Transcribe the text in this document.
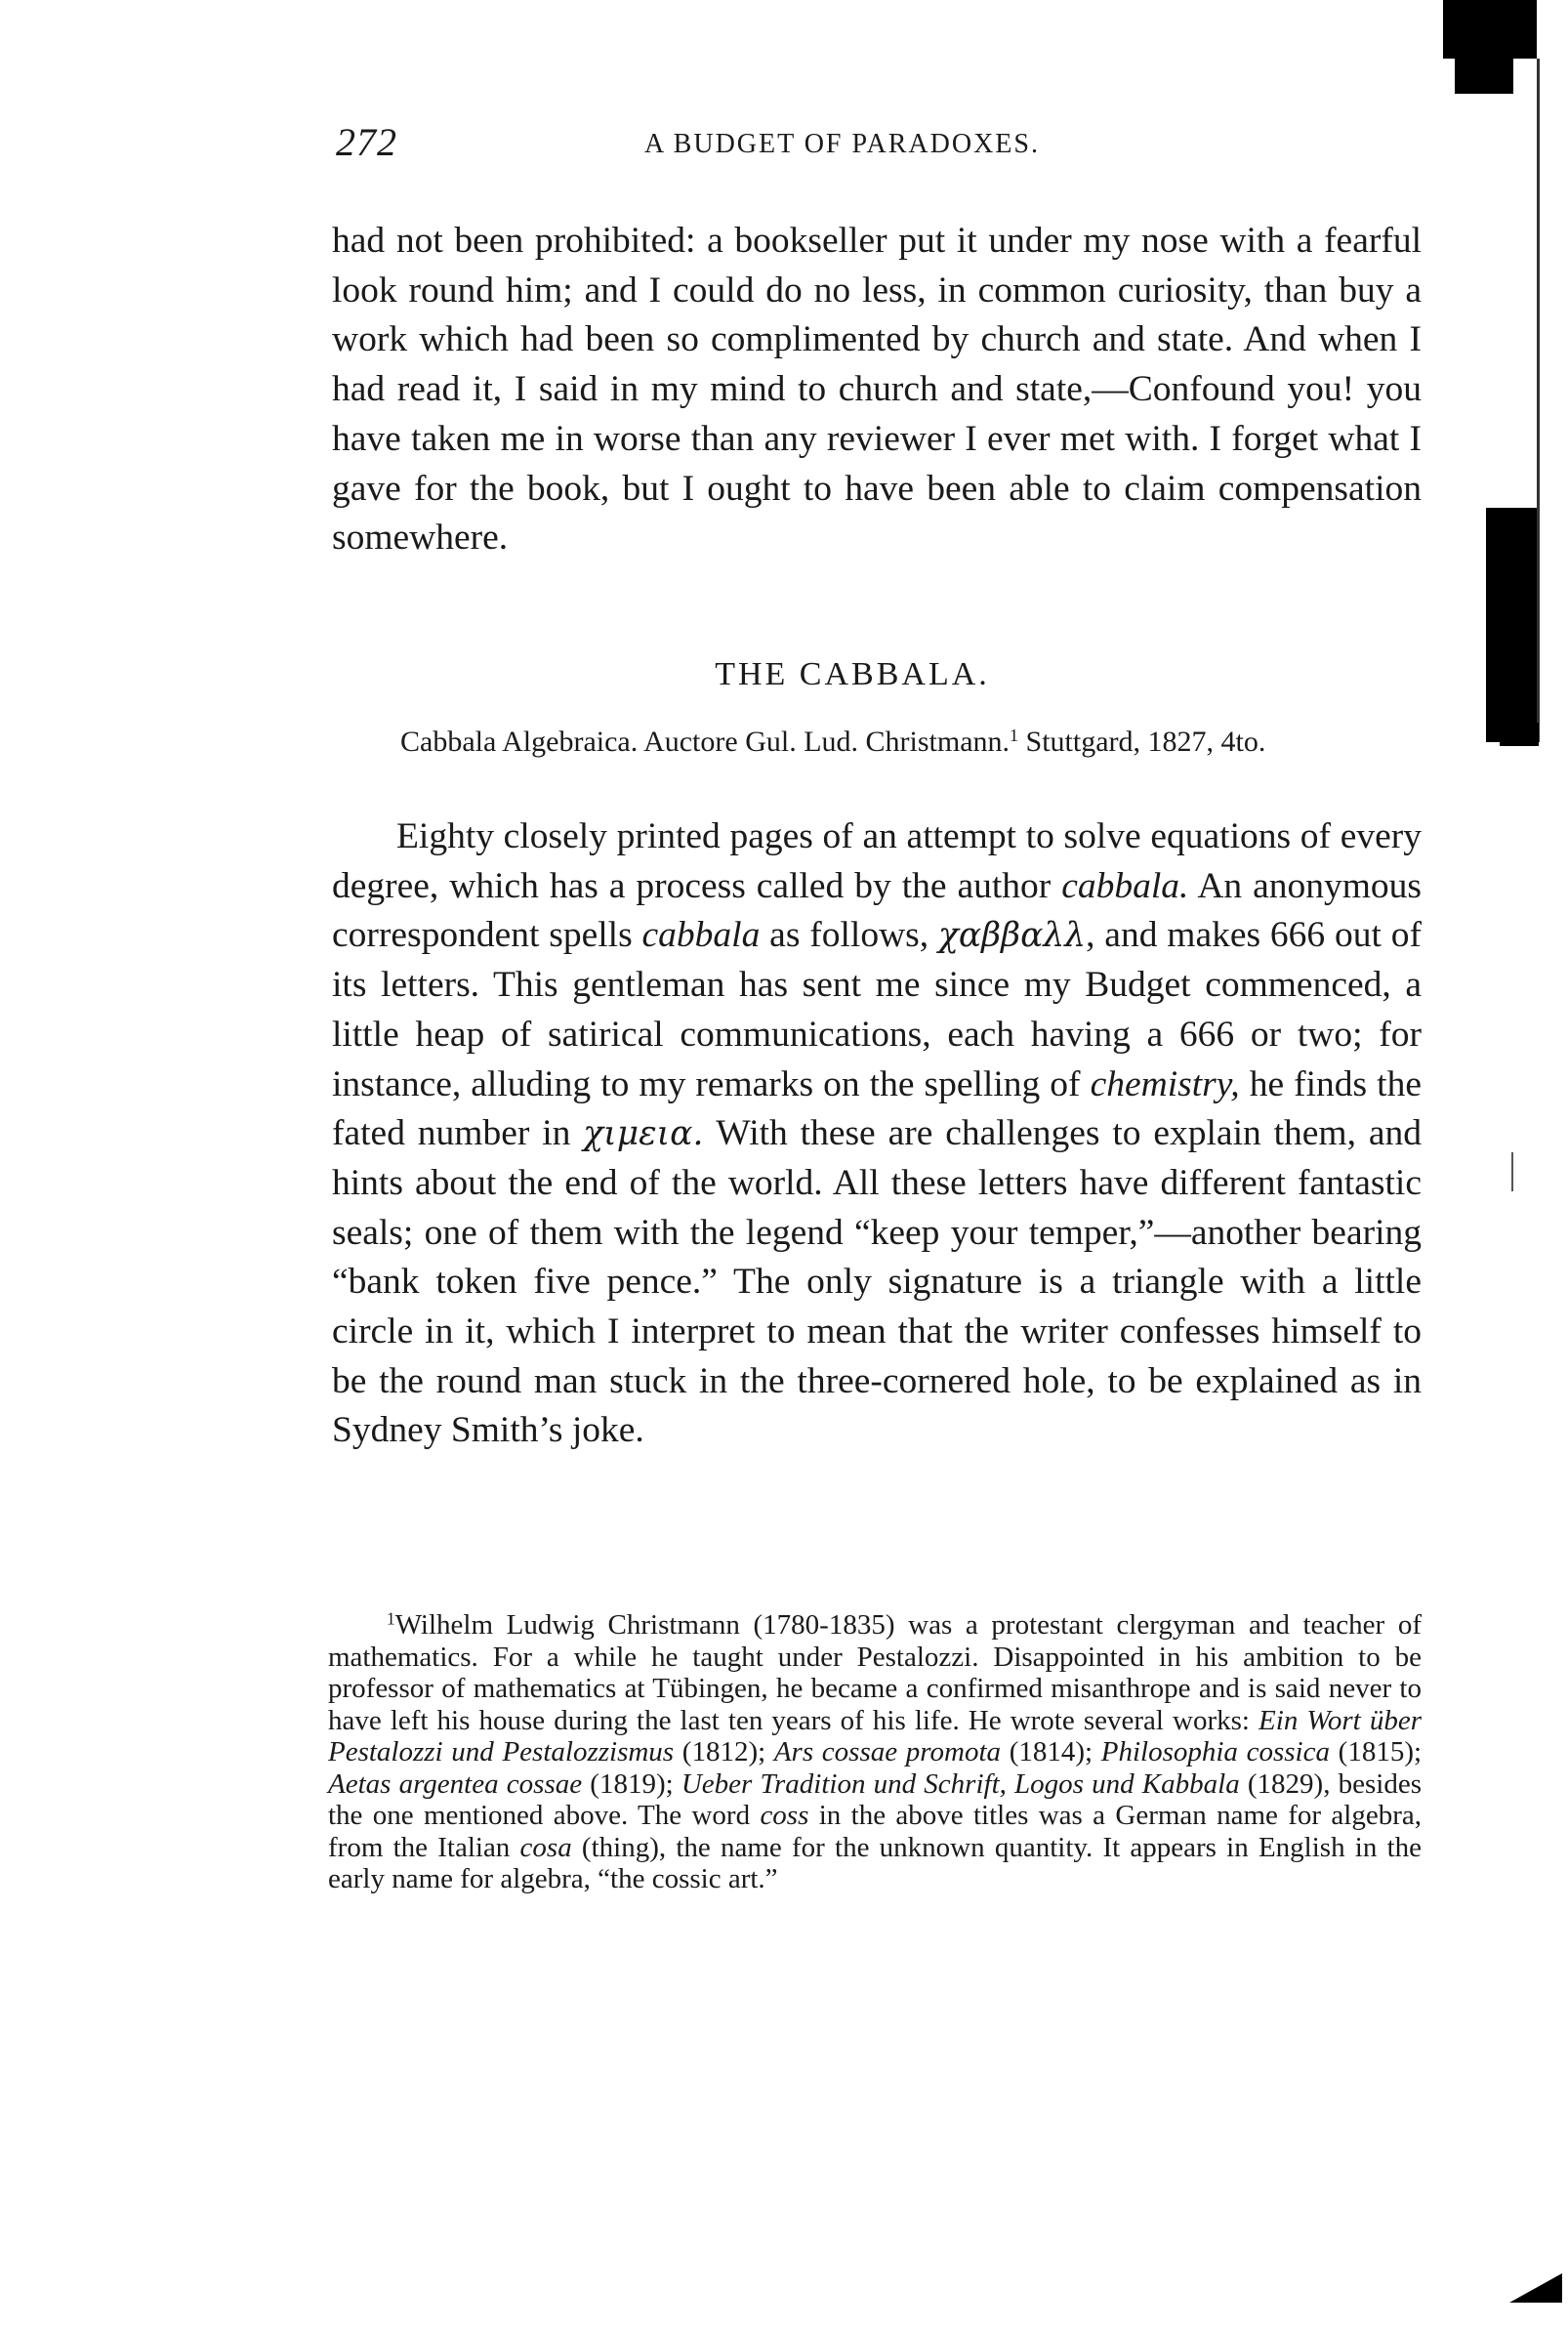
272	A BUDGET OF PARADOXES.

had not been prohibited: a bookseller put it under my nose with a fearful look round him; and I could do no less, in common curiosity, than buy a work which had been so complimented by church and state. And when I had read it, I said in my mind to church and state,—Confound you! you have taken me in worse than any reviewer I ever met with. I forget what I gave for the book, but I ought to have been able to claim compensation somewhere.

THE CABBALA.
Cabbala Algebraica. Auctore Gul. Lud. Christmann.$^1$ Stuttgard, 1827, 4to.

Eighty closely printed pages of an attempt to solve equations of every degree, which has a process called by the author cabbala. An anonymous correspondent spells cabbala as follows, χαββαλλ, and makes 666 out of its letters. This gentleman has sent me since my Budget commenced, a little heap of satirical communications, each having a 666 or two; for instance, alluding to my remarks on the spelling of chemistry, he finds the fated number in χιμεια. With these are challenges to explain them, and hints about the end of the world. All these letters have different fantastic seals; one of them with the legend “keep your temper,”—another bearing “bank token five pence.” The only signature is a triangle with a little circle in it, which I interpret to mean that the writer confesses himself to be the round man stuck in the three-cornered hole, to be explained as in Sydney Smith’s joke.

$^1$Wilhelm Ludwig Christmann (1780-1835) was a protestant clergyman and teacher of mathematics. For a while he taught under Pestalozzi. Disappointed in his ambition to be professor of mathematics at Tübingen, he became a confirmed misanthrope and is said never to have left his house during the last ten years of his life. He wrote several works: Ein Wort über Pestalozzi und Pestalozzismus (1812); Ars cossae promota (1814); Philosophia cossica (1815); Aetas argentea cossae (1819); Ueber Tradition und Schrift, Logos und Kabbala (1829), besides the one mentioned above. The word coss in the above titles was a German name for algebra, from the Italian cosa (thing), the name for the unknown quantity. It appears in English in the early name for algebra, “the cossic art.”
